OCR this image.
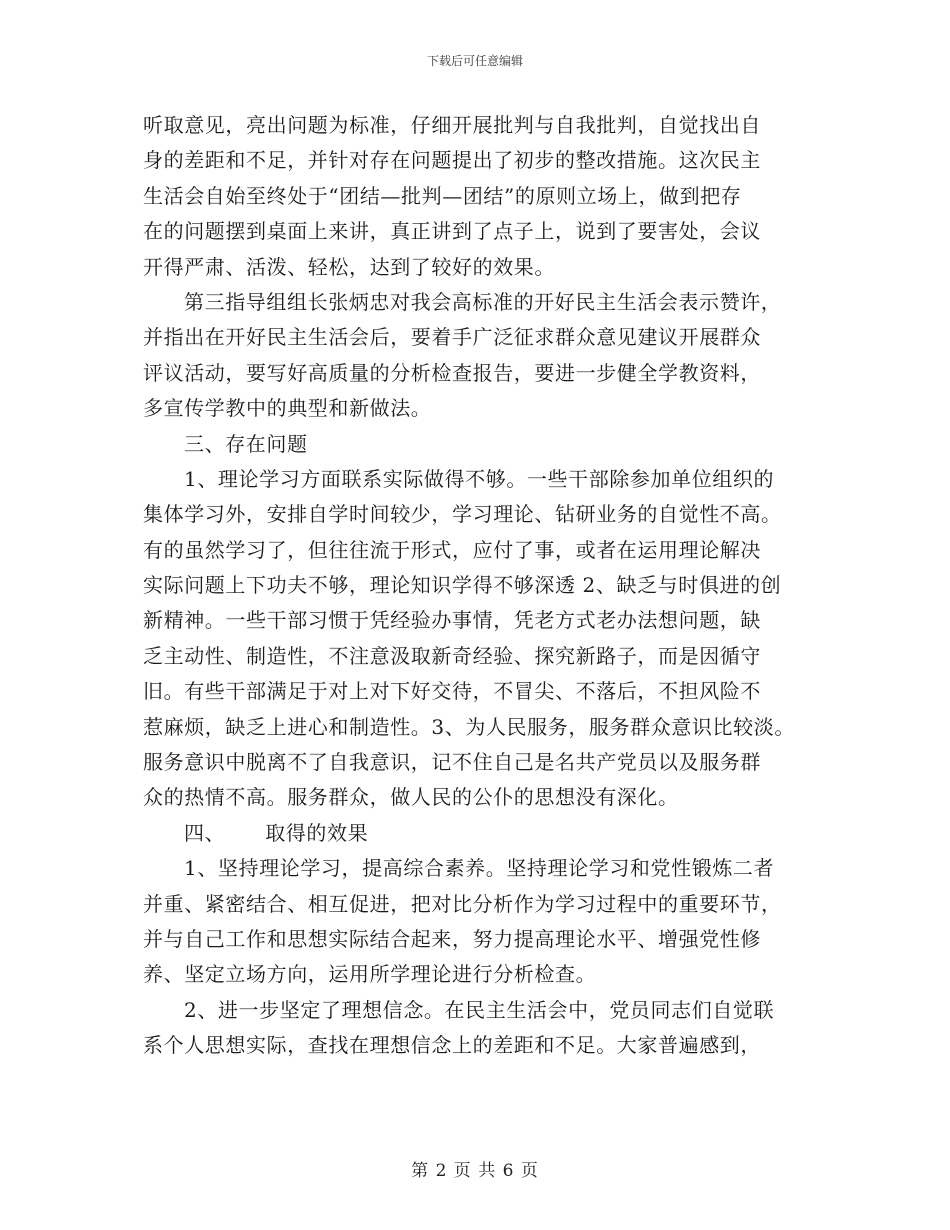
下载后可任意编辑
听取意见，亮出问题为标准，仔细开展批判与自我批判，自觉找出自
身的差距和不足，并针对存在问题提出了初步的整改措施。这次民主
生活会自始至终处于“团结—批判—团结”的原则立场上，做到把存
在的问题摆到桌面上来讲，真正讲到了点子上，说到了要害处，会议
开得严肃、活泼、轻松，达到了较好的效果。
第三指导组组长张炳忠对我会高标准的开好民主生活会表示赞许，
并指出在开好民主生活会后，要着手广泛征求群众意见建议开展群众
评议活动，要写好高质量的分析检查报告，要进一步健全学教资料，
多宣传学教中的典型和新做法。
三、存在问题
1、理论学习方面联系实际做得不够。一些干部除参加单位组织的
集体学习外，安排自学时间较少，学习理论、钻研业务的自觉性不高。
有的虽然学习了，但往往流于形式，应付了事，或者在运用理论解决
实际问题上下功夫不够，理论知识学得不够深透 2、缺乏与时俱进的创
新精神。一些干部习惯于凭经验办事情，凭老方式老办法想问题，缺
乏主动性、制造性，不注意汲取新奇经验、探究新路子，而是因循守
旧。有些干部满足于对上对下好交待，不冒尖、不落后，不担风险不
惹麻烦，缺乏上进心和制造性。3、为人民服务，服务群众意识比较淡。
服务意识中脱离不了自我意识，记不住自己是名共产党员以及服务群
众的热情不高。服务群众，做人民的公仆的思想没有深化。
四、 取得的效果
1、坚持理论学习，提高综合素养。坚持理论学习和党性锻炼二者
并重、紧密结合、相互促进，把对比分析作为学习过程中的重要环节，
并与自己工作和思想实际结合起来，努力提高理论水平、增强党性修
养、坚定立场方向，运用所学理论进行分析检查。
2、进一步坚定了理想信念。在民主生活会中，党员同志们自觉联
系个人思想实际，查找在理想信念上的差距和不足。大家普遍感到，
第 2 页 共 6 页
